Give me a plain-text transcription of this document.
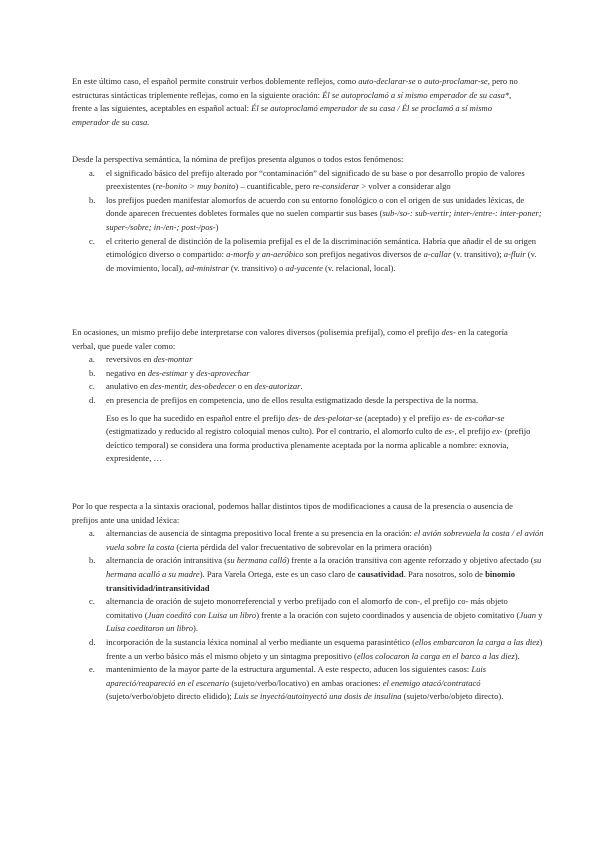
En este último caso, el español permite construir verbos doblemente reflejos, como auto-declarar-se o auto-proclamar-se, pero no estructuras sintácticas triplemente reflejas, como en la siguiente oración: Él se autoproclamó a sí mismo emperador de su casa*, frente a las siguientes, aceptables en español actual: Él se autoproclamó emperador de su casa / Él se proclamó a sí mismo emperador de su casa.

Desde la perspectiva semántica, la nómina de prefijos presenta algunos o todos estos fenómenos:

a. el significado básico del prefijo alterado por “contaminación” del significado de su base o por desarrollo propio de valores preexistentes (re-bonito > muy bonito) – cuantificable, pero re-considerar > volver a considerar algo
b. los prefijos pueden manifestar alomorfos de acuerdo con su entorno fonológico o con el origen de sus unidades léxicas, de donde aparecen frecuentes dobletes formales que no suelen compartir sus bases (sub-/so-: sub-vertir; inter-/entre-: inter-poner; super-/sobre; in-/en-; post-/pos-)
c. el criterio general de distinción de la polisemia prefijal es el de la discriminación semántica. Habría que añadir el de su origen etimológico diverso o compartido: a-morfo y an-aeróbico son prefijos negativos diversos de a-callar (v. transitivo); a-fluir (v. de movimiento, local), ad-ministrar (v. transitivo) o ad-yacente (v. relacional, local).

En ocasiones, un mismo prefijo debe interpretarse con valores diversos (polisemia prefijal), como el prefijo des- en la categoría verbal, que puede valer como:

a. reversivos en des-montar
b. negativo en des-estimar y des-aprovechar
c. anulativo en des-mentir, des-obedecer o en des-autorizar.
d. en presencia de prefijos en competencia, uno de ellos resulta estigmatizado desde la perspectiva de la norma.
Eso es lo que ha sucedido en español entre el prefijo des- de des-pelotar-se (aceptado) y el prefijo es- de es-coñar-se (estigmatizado y reducido al registro coloquial menos culto). Por el contrario, el alomorfo culto de es-, el prefijo ex- (prefijo deíctico temporal) se considera una forma productiva plenamente aceptada por la norma aplicable a nombre: exnovia, expresidente, …

Por lo que respecta a la sintaxis oracional, podemos hallar distintos tipos de modificaciones a causa de la presencia o ausencia de prefijos ante una unidad léxica:

a. alternancias de ausencia de sintagma prepositivo local frente a su presencia en la oración: el avión sobrevuela la costa / el avión vuela sobre la costa (cierta pérdida del valor frecuentativo de sobrevolar en la primera oración)
b. alternancia de oración intransitiva (su hermana calló) frente a la oración transitiva con agente reforzado y objetivo afectado (su hermana acalló a su madre). Para Varela Ortega, este es un caso claro de causatividad. Para nosotros, solo de binomio transitividad/intransitividad
c. alternancia de oración de sujeto monorreferencial y verbo prefijado con el alomorfo de con-, el prefijo co- más objeto comitativo (Juan coeditó con Luisa un libro) frente a la oración con sujeto coordinados y ausencia de objeto comitativo (Juan y Luisa coeditaron un libro).
d. incorporación de la sustancia léxica nominal al verbo mediante un esquema parasintético (ellos embarcaron la carga a las diez) frente a un verbo básico más el mismo objeto y un sintagma prepositivo (ellos colocaron la carga en el barco a las diez).
e. mantenimiento de la mayor parte de la estructura argumental. A este respecto, aducen los siguientes casos: Luis apareció/reapareció en el escenario (sujeto/verbo/locativo) en ambas oraciones: el enemigo atacó/contratacó (sujeto/verbo/objeto directo elidido); Luis se inyectó/autoinyectó una dosis de insulina (sujeto/verbo/objeto directo).
